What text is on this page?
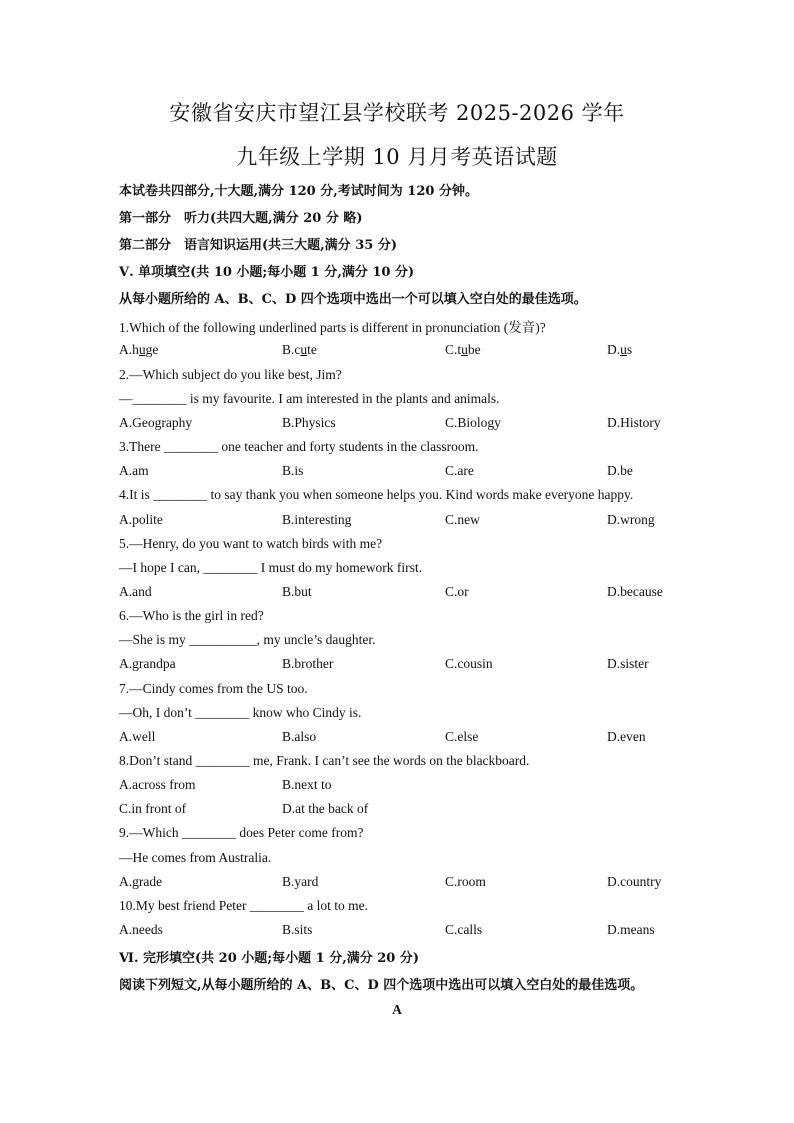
安徽省安庆市望江县学校联考 2025-2026 学年
九年级上学期 10 月月考英语试题
本试卷共四部分,十大题,满分 120 分,考试时间为 120 分钟。
第一部分　听力(共四大题,满分 20 分 略)
第二部分　语言知识运用(共三大题,满分 35 分)
Ⅴ. 单项填空(共 10 小题;每小题 1 分,满分 10 分)
从每小题所给的 A、B、C、D 四个选项中选出一个可以填入空白处的最佳选项。
1.Which of the following underlined parts is different in pronunciation (发音)?
A.huge	B.cute	C.tube	D.us
2.—Which subject do you like best, Jim?
—________ is my favourite. I am interested in the plants and animals.
A.Geography	B.Physics	C.Biology	D.History
3.There ________ one teacher and forty students in the classroom.
A.am	B.is	C.are	D.be
4.It is ________ to say thank you when someone helps you. Kind words make everyone happy.
A.polite	B.interesting	C.new	D.wrong
5.—Henry, do you want to watch birds with me?
—I hope I can, ________ I must do my homework first.
A.and	B.but	C.or	D.because
6.—Who is the girl in red?
—She is my __________, my uncle’s daughter.
A.grandpa	B.brother	C.cousin	D.sister
7.—Cindy comes from the US too.
—Oh, I don’t ________ know who Cindy is.
A.well	B.also	C.else	D.even
8.Don’t stand ________ me, Frank. I can’t see the words on the blackboard.
A.across from	B.next to
C.in front of	D.at the back of
9.—Which ________ does Peter come from?
—He comes from Australia.
A.grade	B.yard	C.room	D.country
10.My best friend Peter ________ a lot to me.
A.needs	B.sits	C.calls	D.means
Ⅵ. 完形填空(共 20 小题;每小题 1 分,满分 20 分)
阅读下列短文,从每小题所给的 A、B、C、D 四个选项中选出可以填入空白处的最佳选项。
A
